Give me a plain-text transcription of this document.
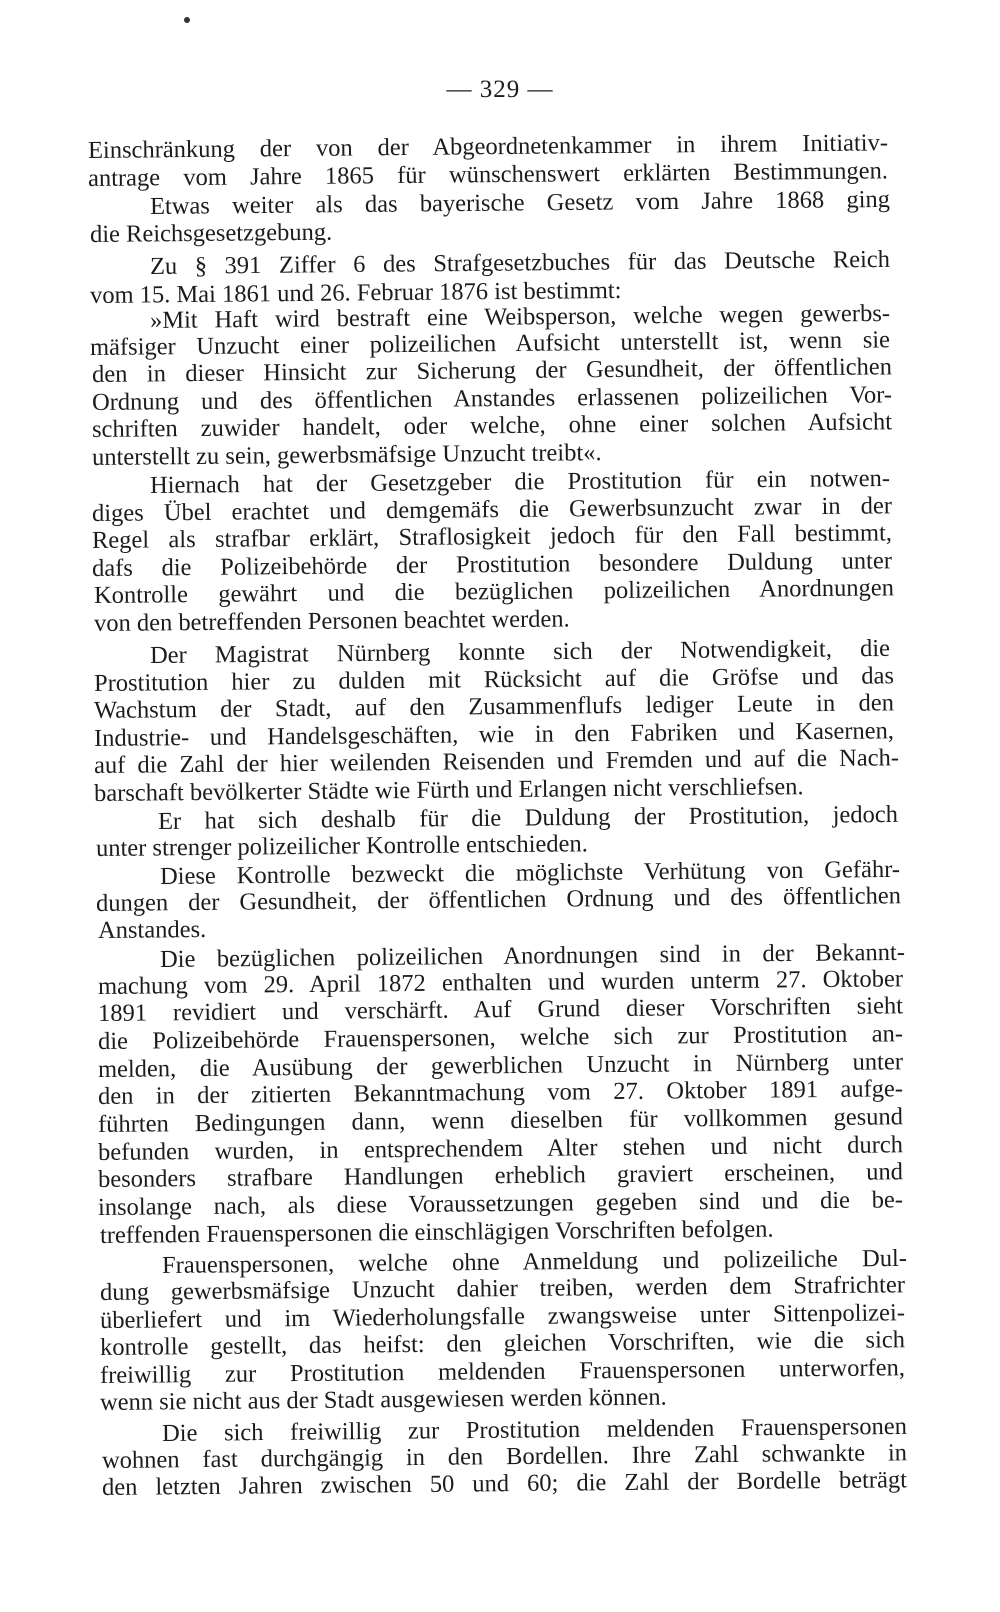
— 329 —
Einschränkung der von der Abgeordnetenkammer in ihrem Initiativ-
antrage vom Jahre 1865 für wünschenswert erklärten Bestimmungen.
Etwas weiter als das bayerische Gesetz vom Jahre 1868 ging
die Reichsgesetzgebung.
Zu § 391 Ziffer 6 des Strafgesetzbuches für das Deutsche Reich
vom 15. Mai 1861 und 26. Februar 1876 ist bestimmt:
»Mit Haft wird bestraft eine Weibsperson, welche wegen gewerbs-
mäfsiger Unzucht einer polizeilichen Aufsicht unterstellt ist, wenn sie
den in dieser Hinsicht zur Sicherung der Gesundheit, der öffentlichen
Ordnung und des öffentlichen Anstandes erlassenen polizeilichen Vor-
schriften zuwider handelt, oder welche, ohne einer solchen Aufsicht
unterstellt zu sein, gewerbsmäfsige Unzucht treibt«.
Hiernach hat der Gesetzgeber die Prostitution für ein notwen-
diges Übel erachtet und demgemäfs die Gewerbsunzucht zwar in der
Regel als strafbar erklärt, Straflosigkeit jedoch für den Fall bestimmt,
dafs die Polizeibehörde der Prostitution besondere Duldung unter
Kontrolle gewährt und die bezüglichen polizeilichen Anordnungen
von den betreffenden Personen beachtet werden.
Der Magistrat Nürnberg konnte sich der Notwendigkeit, die
Prostitution hier zu dulden mit Rücksicht auf die Gröfse und das
Wachstum der Stadt, auf den Zusammenflufs lediger Leute in den
Industrie- und Handelsgeschäften, wie in den Fabriken und Kasernen,
auf die Zahl der hier weilenden Reisenden und Fremden und auf die Nach-
barschaft bevölkerter Städte wie Fürth und Erlangen nicht verschliefsen.
Er hat sich deshalb für die Duldung der Prostitution, jedoch
unter strenger polizeilicher Kontrolle entschieden.
Diese Kontrolle bezweckt die möglichste Verhütung von Gefähr-
dungen der Gesundheit, der öffentlichen Ordnung und des öffentlichen
Anstandes.
Die bezüglichen polizeilichen Anordnungen sind in der Bekannt-
machung vom 29. April 1872 enthalten und wurden unterm 27. Oktober
1891 revidiert und verschärft. Auf Grund dieser Vorschriften sieht
die Polizeibehörde Frauenspersonen, welche sich zur Prostitution an-
melden, die Ausübung der gewerblichen Unzucht in Nürnberg unter
den in der zitierten Bekanntmachung vom 27. Oktober 1891 aufge-
führten Bedingungen dann, wenn dieselben für vollkommen gesund
befunden wurden, in entsprechendem Alter stehen und nicht durch
besonders strafbare Handlungen erheblich graviert erscheinen, und
insolange nach, als diese Voraussetzungen gegeben sind und die be-
treffenden Frauenspersonen die einschlägigen Vorschriften befolgen.
Frauenspersonen, welche ohne Anmeldung und polizeiliche Dul-
dung gewerbsmäfsige Unzucht dahier treiben, werden dem Strafrichter
überliefert und im Wiederholungsfalle zwangsweise unter Sittenpolizei-
kontrolle gestellt, das heifst: den gleichen Vorschriften, wie die sich
freiwillig zur Prostitution meldenden Frauenspersonen unterworfen,
wenn sie nicht aus der Stadt ausgewiesen werden können.
Die sich freiwillig zur Prostitution meldenden Frauenspersonen
wohnen fast durchgängig in den Bordellen. Ihre Zahl schwankte in
den letzten Jahren zwischen 50 und 60; die Zahl der Bordelle beträgt
